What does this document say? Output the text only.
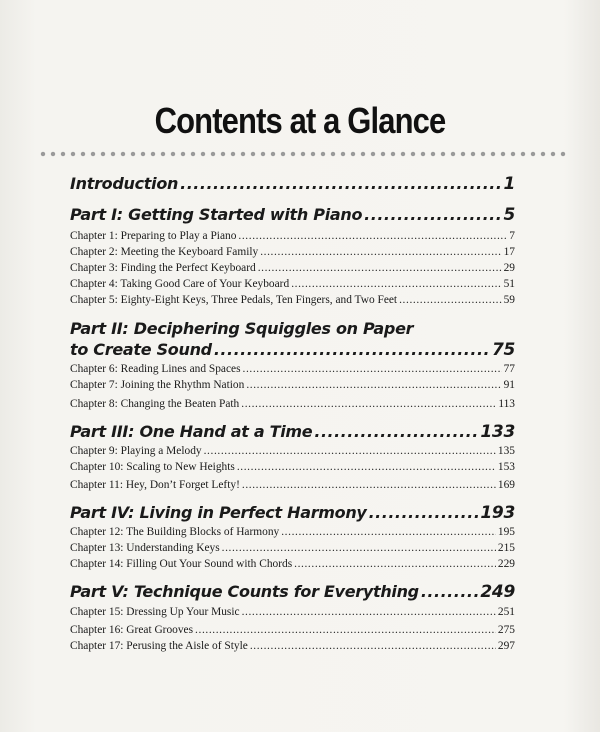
Contents at a Glance
Introduction .....	1
Part I: Getting Started with Piano .....	5
Chapter 1: Preparing to Play a Piano .....	7
Chapter 2: Meeting the Keyboard Family .....	17
Chapter 3: Finding the Perfect Keyboard .....	29
Chapter 4: Taking Good Care of Your Keyboard .....	51
Chapter 5: Eighty-Eight Keys, Three Pedals, Ten Fingers, and Two Feet .....	59
Part II: Deciphering Squiggles on Paper
to Create Sound .....	75
Chapter 6: Reading Lines and Spaces .....	77
Chapter 7: Joining the Rhythm Nation .....	91
Chapter 8: Changing the Beaten Path .....	113
Part III: One Hand at a Time .....	133
Chapter 9: Playing a Melody .....	135
Chapter 10: Scaling to New Heights .....	153
Chapter 11: Hey, Don’t Forget Lefty! .....	169
Part IV: Living in Perfect Harmony .....	193
Chapter 12: The Building Blocks of Harmony .....	195
Chapter 13: Understanding Keys .....	215
Chapter 14: Filling Out Your Sound with Chords .....	229
Part V: Technique Counts for Everything .....	249
Chapter 15: Dressing Up Your Music .....	251
Chapter 16: Great Grooves .....	275
Chapter 17: Perusing the Aisle of Style .....	297
